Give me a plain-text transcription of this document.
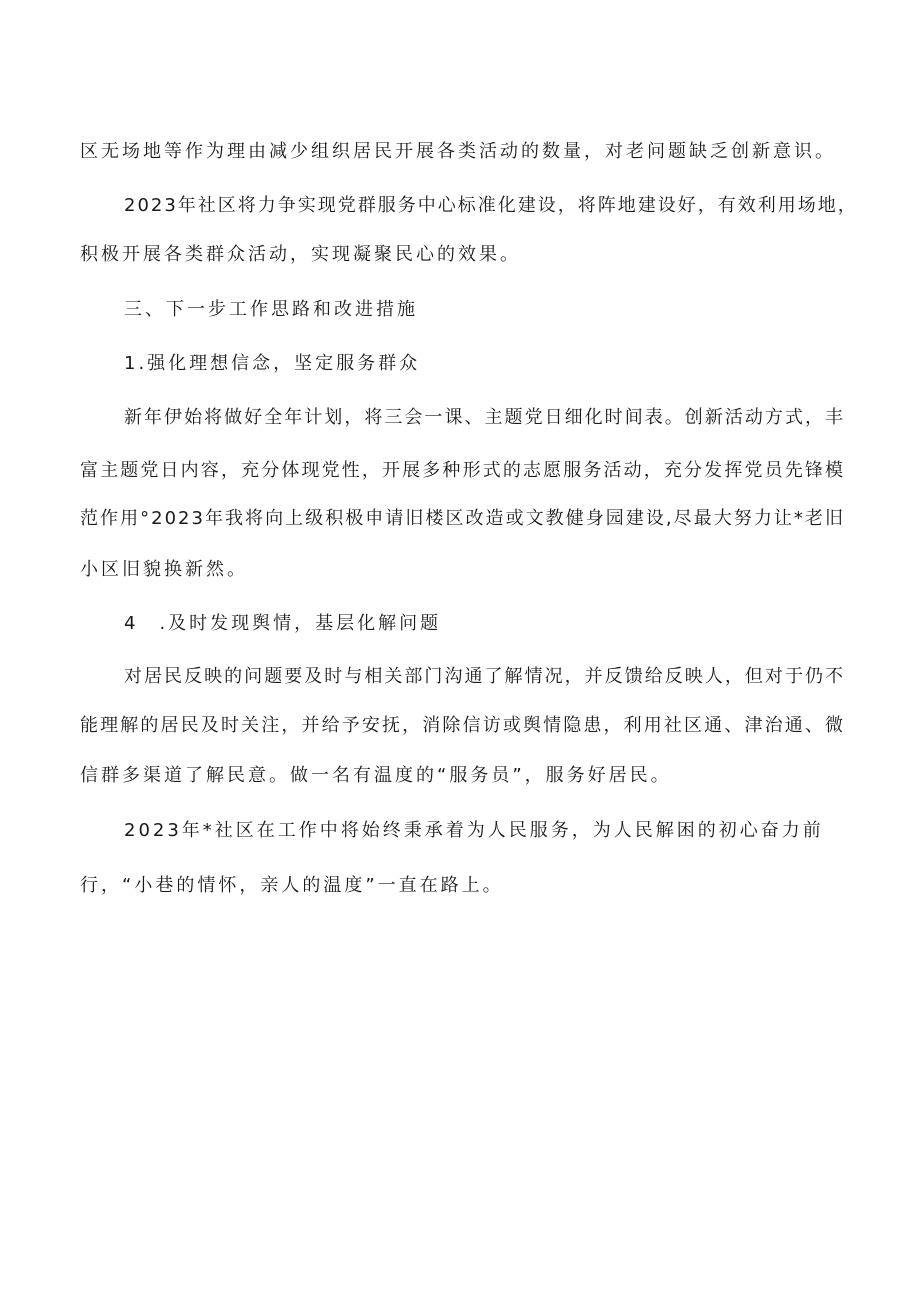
区无场地等作为理由减少组织居民开展各类活动的数量，对老问题缺乏创新意识。
2023年社区将力争实现党群服务中心标准化建设，将阵地建设好，有效利用场地，
积极开展各类群众活动，实现凝聚民心的效果。
三、下一步工作思路和改进措施
1.强化理想信念，坚定服务群众
新年伊始将做好全年计划，将三会一课、主题党日细化时间表。创新活动方式，丰
富主题党日内容，充分体现党性，开展多种形式的志愿服务活动，充分发挥党员先锋模
范作用°2023年我将向上级积极申请旧楼区改造或文教健身园建设,尽最大努力让*老旧
小区旧貌换新然。
4　.及时发现舆情，基层化解问题
对居民反映的问题要及时与相关部门沟通了解情况，并反馈给反映人，但对于仍不
能理解的居民及时关注，并给予安抚，消除信访或舆情隐患，利用社区通、津治通、微
信群多渠道了解民意。做一名有温度的“服务员”，服务好居民。
2023年*社区在工作中将始终秉承着为人民服务，为人民解困的初心奋力前
行，“小巷的情怀，亲人的温度”一直在路上。
